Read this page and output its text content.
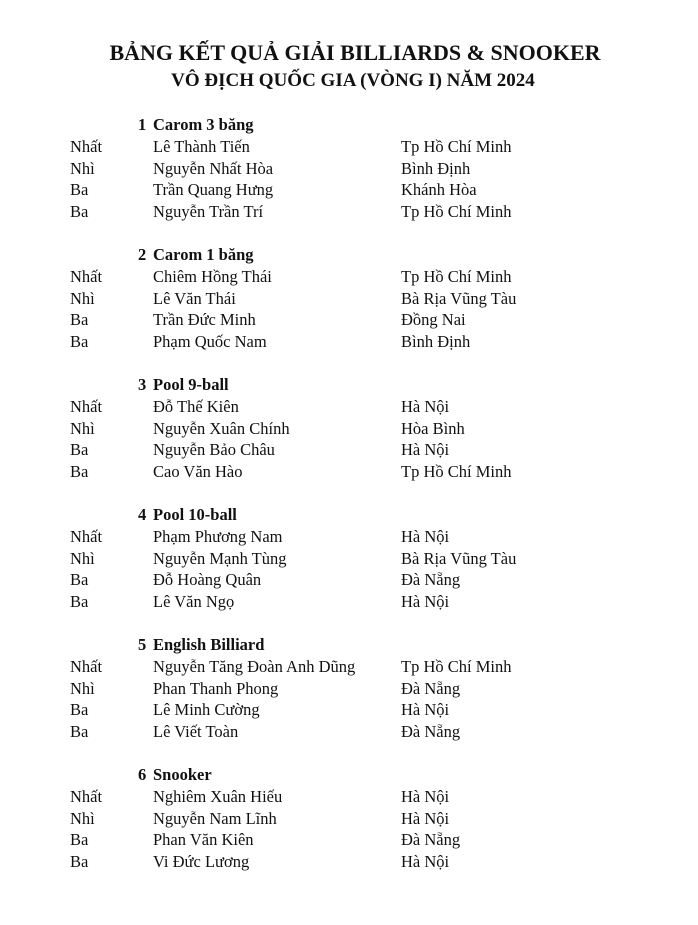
BẢNG KẾT QUẢ GIẢI BILLIARDS & SNOOKER
VÔ ĐỊCH QUỐC GIA (VÒNG I) NĂM 2024
1 Carom 3 băng
Nhất	Lê Thành Tiến	Tp Hồ Chí Minh
Nhì	Nguyễn Nhất Hòa	Bình Định
Ba	Trần Quang Hưng	Khánh Hòa
Ba	Nguyễn Trần Trí	Tp Hồ Chí Minh
2 Carom 1 băng
Nhất	Chiêm Hồng Thái	Tp Hồ Chí Minh
Nhì	Lê Văn Thái	Bà Rịa Vũng Tàu
Ba	Trần Đức Minh	Đồng Nai
Ba	Phạm Quốc Nam	Bình Định
3 Pool 9-ball
Nhất	Đỗ Thế Kiên	Hà Nội
Nhì	Nguyễn Xuân Chính	Hòa Bình
Ba	Nguyễn Bảo Châu	Hà Nội
Ba	Cao Văn Hào	Tp Hồ Chí Minh
4 Pool 10-ball
Nhất	Phạm Phương Nam	Hà Nội
Nhì	Nguyễn Mạnh Tùng	Bà Rịa Vũng Tàu
Ba	Đỗ Hoàng Quân	Đà Nẵng
Ba	Lê Văn Ngọ	Hà Nội
5 English Billiard
Nhất	Nguyễn Tăng Đoàn Anh Dũng	Tp Hồ Chí Minh
Nhì	Phan Thanh Phong	Đà Nẵng
Ba	Lê Minh Cường	Hà Nội
Ba	Lê Viết Toàn	Đà Nẵng
6 Snooker
Nhất	Nghiêm Xuân Hiếu	Hà Nội
Nhì	Nguyễn Nam Lĩnh	Hà Nội
Ba	Phan Văn Kiên	Đà Nẵng
Ba	Vi Đức Lương	Hà Nội
